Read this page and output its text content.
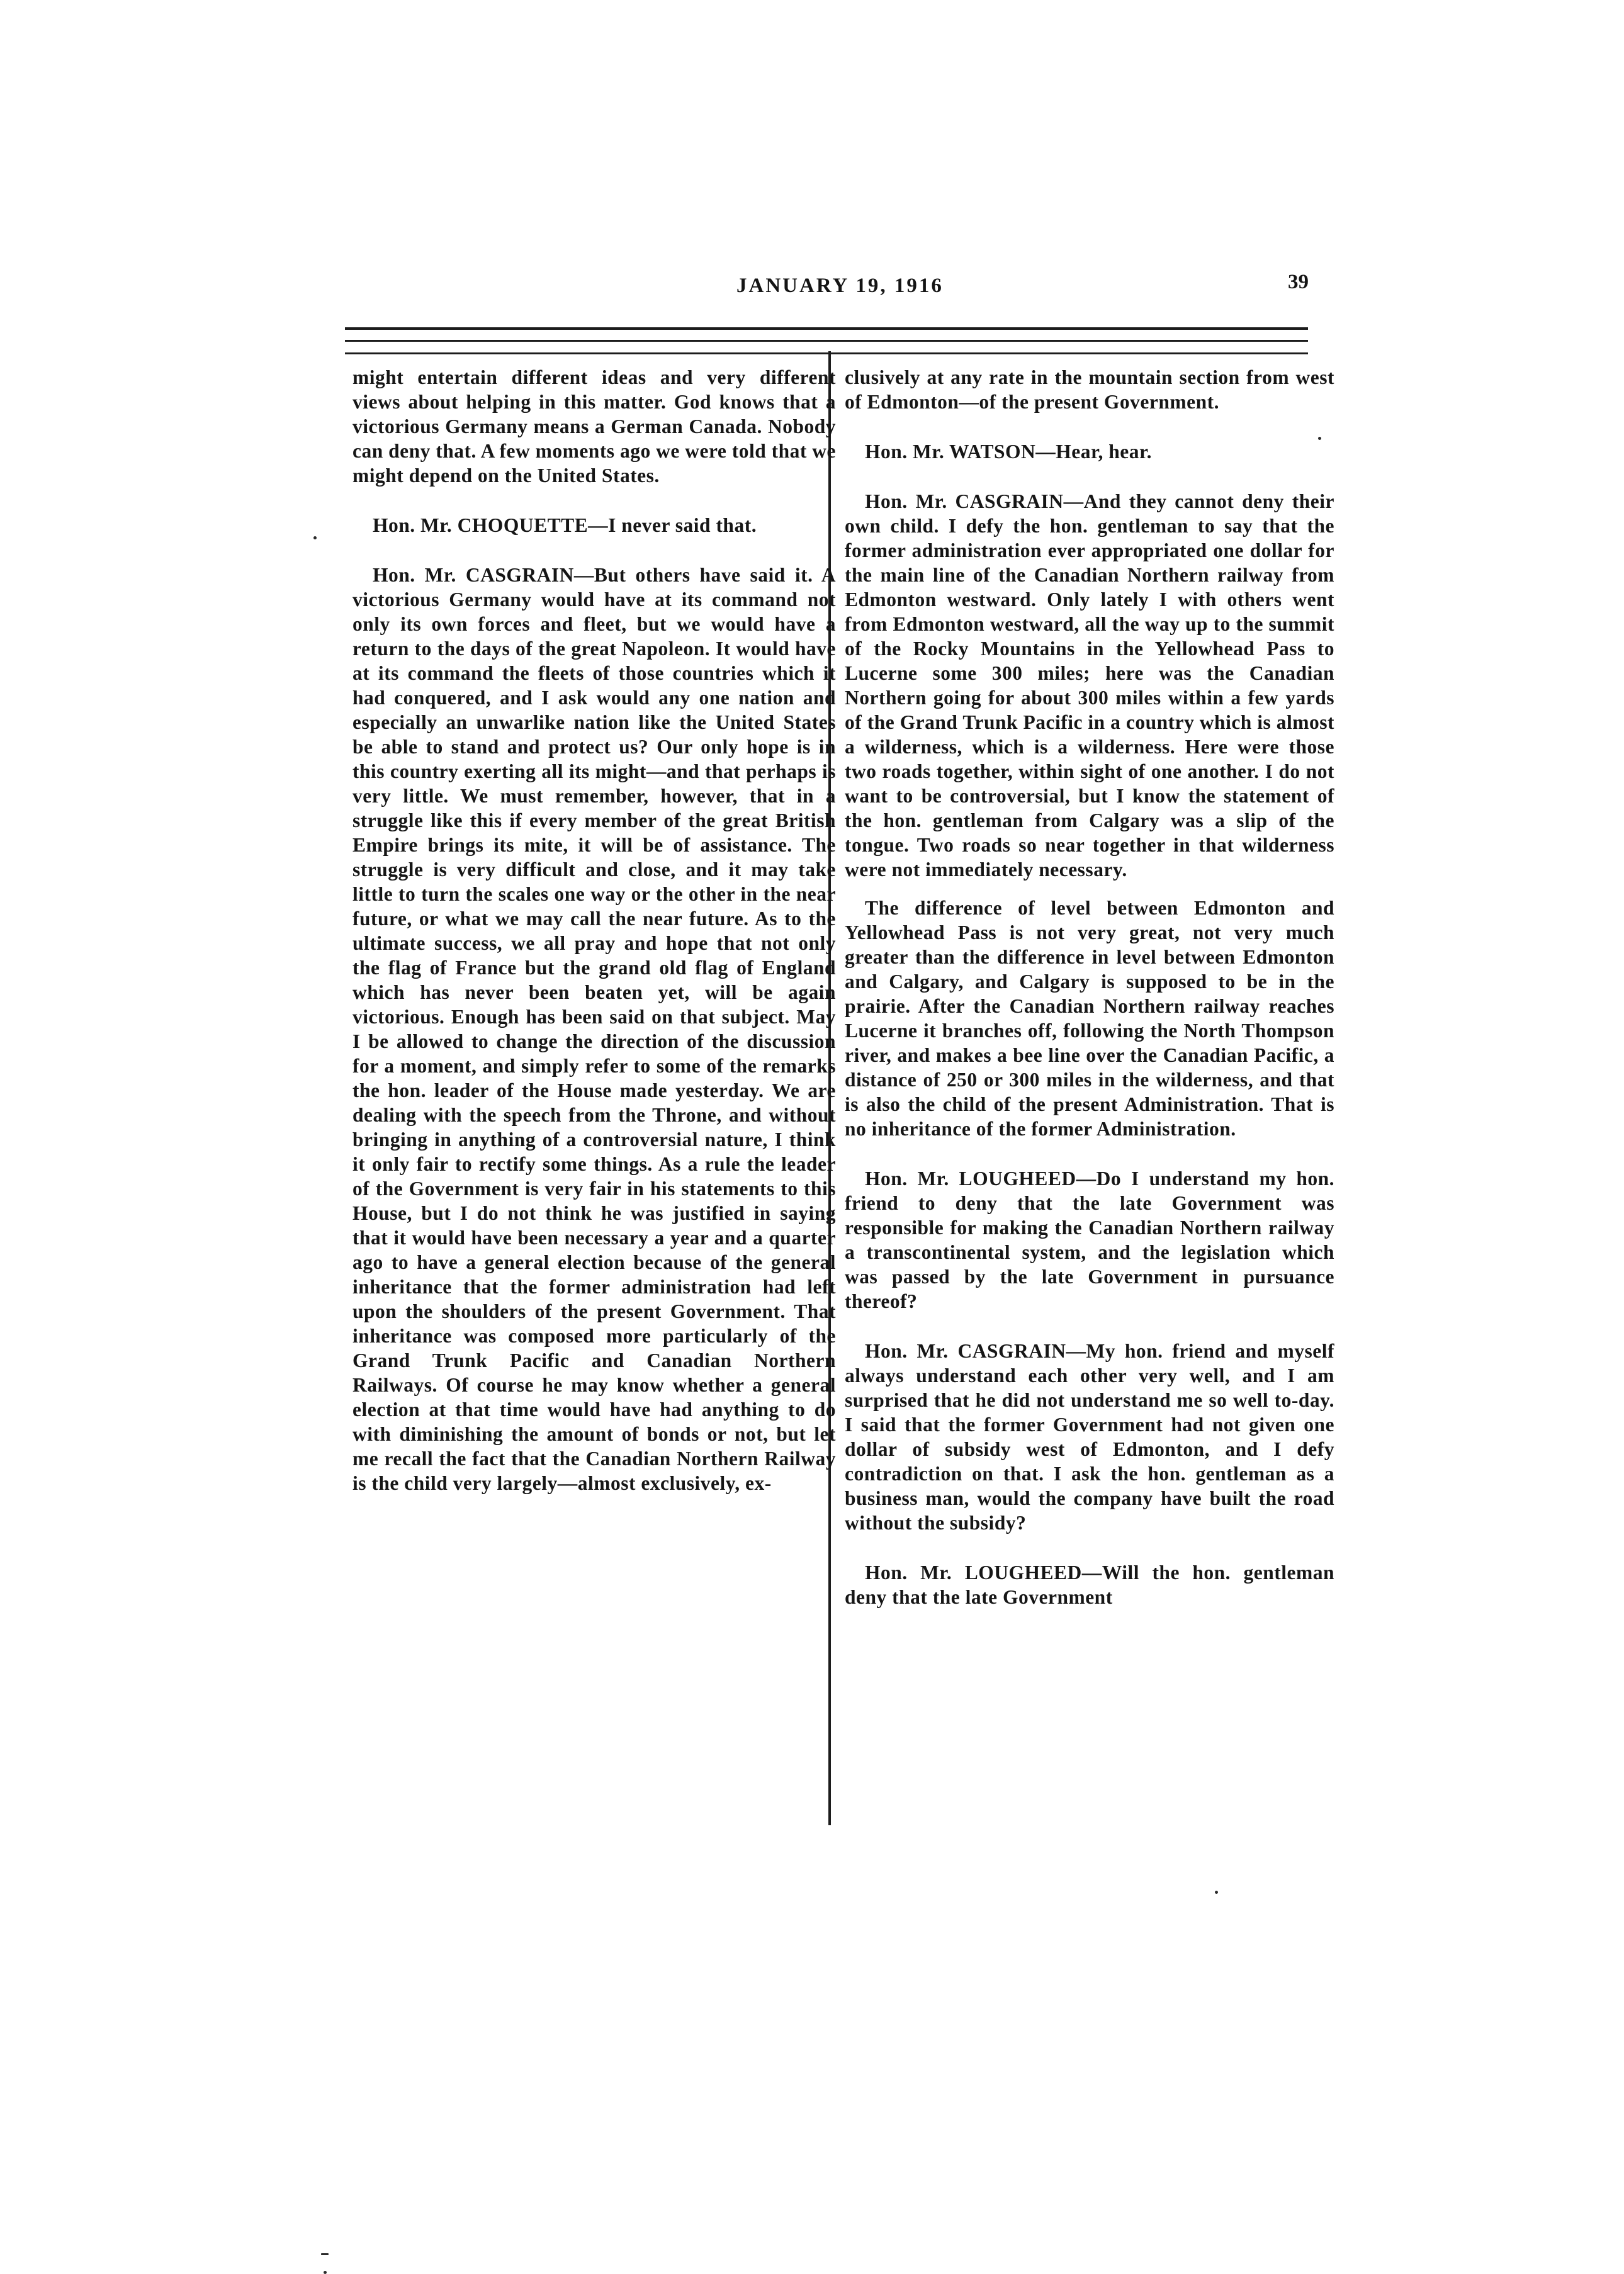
JANUARY 19, 1916	39

might entertain different ideas and very different views about helping in this matter. God knows that a victorious Germany means a German Canada. Nobody can deny that. A few moments ago we were told that we might depend on the United States.

Hon. Mr. CHOQUETTE—I never said that.

Hon. Mr. CASGRAIN—But others have said it. A victorious Germany would have at its command not only its own forces and fleet, but we would have a return to the days of the great Napoleon. It would have at its command the fleets of those countries which it had conquered, and I ask would any one nation and especially an unwarlike nation like the United States be able to stand and protect us? Our only hope is in this country exerting all its might—and that perhaps is very little. We must remember, however, that in a struggle like this if every member of the great British Empire brings its mite, it will be of assistance. The struggle is very difficult and close, and it may take little to turn the scales one way or the other in the near future, or what we may call the near future. As to the ultimate success, we all pray and hope that not only the flag of France but the grand old flag of England which has never been beaten yet, will be again victorious. Enough has been said on that subject. May I be allowed to change the direction of the discussion for a moment, and simply refer to some of the remarks the hon. leader of the House made yesterday. We are dealing with the speech from the Throne, and without bringing in anything of a controversial nature, I think it only fair to rectify some things. As a rule the leader of the Government is very fair in his statements to this House, but I do not think he was justified in saying that it would have been necessary a year and a quarter ago to have a general election because of the general inheritance that the former administration had left upon the shoulders of the present Government. That inheritance was composed more particularly of the Grand Trunk Pacific and Canadian Northern Railways. Of course he may know whether a general election at that time would have had anything to do with diminishing the amount of bonds or not, but let me recall the fact that the Canadian Northern Railway is the child very largely—almost exclusively, ex-

clusively at any rate in the mountain section from west of Edmonton—of the present Government.

Hon. Mr. WATSON—Hear, hear.

Hon. Mr. CASGRAIN—And they cannot deny their own child. I defy the hon. gentleman to say that the former administration ever appropriated one dollar for the main line of the Canadian Northern railway from Edmonton westward. Only lately I with others went from Edmonton westward, all the way up to the summit of the Rocky Mountains in the Yellowhead Pass to Lucerne some 300 miles; here was the Canadian Northern going for about 300 miles within a few yards of the Grand Trunk Pacific in a country which is almost a wilderness, which is a wilderness. Here were those two roads together, within sight of one another. I do not want to be controversial, but I know the statement of the hon. gentleman from Calgary was a slip of the tongue. Two roads so near together in that wilderness were not immediately necessary.

The difference of level between Edmonton and Yellowhead Pass is not very great, not very much greater than the difference in level between Edmonton and Calgary, and Calgary is supposed to be in the prairie. After the Canadian Northern railway reaches Lucerne it branches off, following the North Thompson river, and makes a bee line over the Canadian Pacific, a distance of 250 or 300 miles in the wilderness, and that is also the child of the present Administration. That is no inheritance of the former Administration.

Hon. Mr. LOUGHEED—Do I understand my hon. friend to deny that the late Government was responsible for making the Canadian Northern railway a transcontinental system, and the legislation which was passed by the late Government in pursuance thereof?

Hon. Mr. CASGRAIN—My hon. friend and myself always understand each other very well, and I am surprised that he did not understand me so well to-day. I said that the former Government had not given one dollar of subsidy west of Edmonton, and I defy contradiction on that. I ask the hon. gentleman as a business man, would the company have built the road without the subsidy?

Hon. Mr. LOUGHEED—Will the hon. gentleman deny that the late Government
